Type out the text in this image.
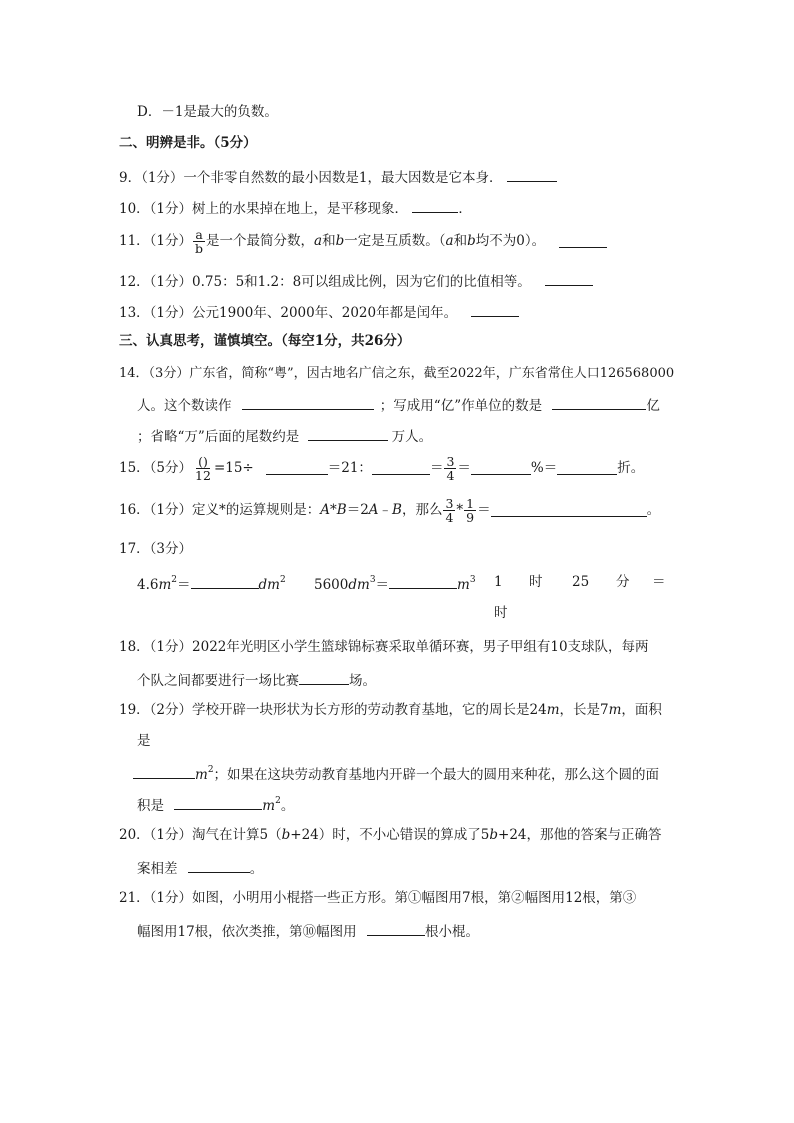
D．－1是最大的负数。
二、明辨是非。（5分）
9．（1分）一个非零自然数的最小因数是1，最大因数是它本身．
10．（1分）树上的水果掉在地上，是平移现象．	．
11．（1分） $\frac{a}{b}$ 是一个最简分数， a 和 b 一定是互质数。（ a 和 b 均不为0）。
12．（1分）0.75：5和1.2：8可以组成比例，因为它们的比值相等。
13．（1分）公元1900年、2000年、2020年都是闰年。
三、认真思考，谨慎填空。（每空1分，共26分）
14．（3分）广东省，简称“粤”，因古地名广信之东，截至2022年，广东省常住人口126568000
人。这个数读作	；写成用“亿”作单位的数是	亿
；省略“万”后面的尾数约是	万人。
15．（5分） $\frac{()}{12} =15\div$	＝21：	＝ $\frac{3}{4}$ ＝	%＝	折。
16．（1分）定义*的运算规则是： A * B ＝2 A ﹣ B ，那么 $\frac{3}{4} * \frac{1}{9}$ ＝	。
17．（3分）
$4.6m^2=$	$dm^2$ $5600dm^3=$	$m^3$ 1 时 25 分 ＝
时
18．（1分）2022年光明区小学生篮球锦标赛采取单循环赛，男子甲组有10支球队，每两
个队之间都要进行一场比赛	场。
19．（2分）学校开辟一块形状为长方形的劳动教育基地，它的周长是24m，长是7m，面积
是
$m^2$；如果在这块劳动教育基地内开辟一个最大的圆用来种花，那么这个圆的面
积是	$m^2$。
20．（1分）淘气在计算5（b+24）时，不小心错误的算成了5b+24，那他的答案与正确答
案相差	。
21．（1分）如图，小明用小棍搭一些正方形。第①幅图用7根，第②幅图用12根，第③
幅图用17根，依次类推，第⑩幅图用	根小棍。
